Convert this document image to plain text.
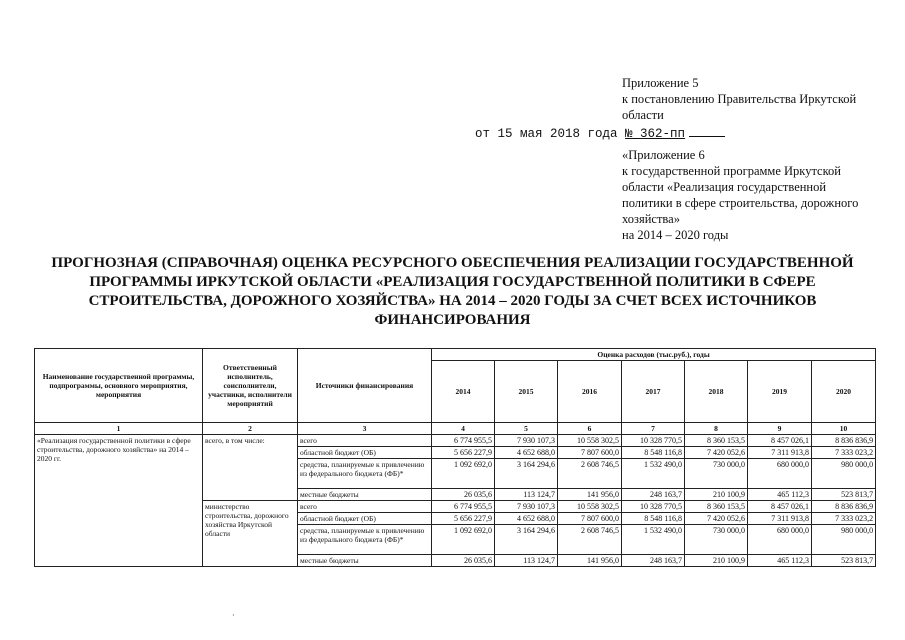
Приложение 5
к постановлению Правительства Иркутской
области
от 15 мая 2018 года № 362-пп
«Приложение 6
к государственной программе Иркутской
области «Реализация государственной
политики в сфере строительства, дорожного
хозяйства»
на 2014 – 2020 годы
ПРОГНОЗНАЯ (СПРАВОЧНАЯ) ОЦЕНКА РЕСУРСНОГО ОБЕСПЕЧЕНИЯ РЕАЛИЗАЦИИ ГОСУДАРСТВЕННОЙ
ПРОГРАММЫ ИРКУТСКОЙ ОБЛАСТИ «РЕАЛИЗАЦИЯ ГОСУДАРСТВЕННОЙ ПОЛИТИКИ В СФЕРЕ
СТРОИТЕЛЬСТВА, ДОРОЖНОГО ХОЗЯЙСТВА» НА 2014 – 2020 ГОДЫ ЗА СЧЕТ ВСЕХ ИСТОЧНИКОВ
ФИНАНСИРОВАНИЯ
Наименование государственной программы, подпрограммы, основного мероприятия, мероприятия	Ответственный исполнитель, соисполнители, участники, исполнители мероприятий	Источники финансирования	Оценка расходов (тыс.руб.), годы						
			2014	2015	2016	2017	2018	2019	2020
1	2	3	4	5	6	7	8	9	10
«Реализация государственной политики в сфере строительства, дорожного хозяйства» на 2014 – 2020 гг.	всего, в том числе:	всего	6 774 955,5	7 930 107,3	10 558 302,5	10 328 770,5	8 360 153,5	8 457 026,1	8 836 836,9
		областной бюджет (ОБ)	5 656 227,9	4 652 688,0	7 807 600,0	8 548 116,8	7 420 052,6	7 311 913,8	7 333 023,2
		средства, планируемые к привлечению из федерального бюджета (ФБ)*	1 092 692,0	3 164 294,6	2 608 746,5	1 532 490,0	730 000,0	680 000,0	980 000,0
		местные бюджеты	26 035,6	113 124,7	141 956,0	248 163,7	210 100,9	465 112,3	523 813,7
	министерство строительства, дорожного хозяйства Иркутской области	всего	6 774 955,5	7 930 107,3	10 558 302,5	10 328 770,5	8 360 153,5	8 457 026,1	8 836 836,9
		областной бюджет (ОБ)	5 656 227,9	4 652 688,0	7 807 600,0	8 548 116,8	7 420 052,6	7 311 913,8	7 333 023,2
		средства, планируемые к привлечению из федерального бюджета (ФБ)*	1 092 692,0	3 164 294,6	2 608 746,5	1 532 490,0	730 000,0	680 000,0	980 000,0
		местные бюджеты	26 035,6	113 124,7	141 956,0	248 163,7	210 100,9	465 112,3	523 813,7
·
